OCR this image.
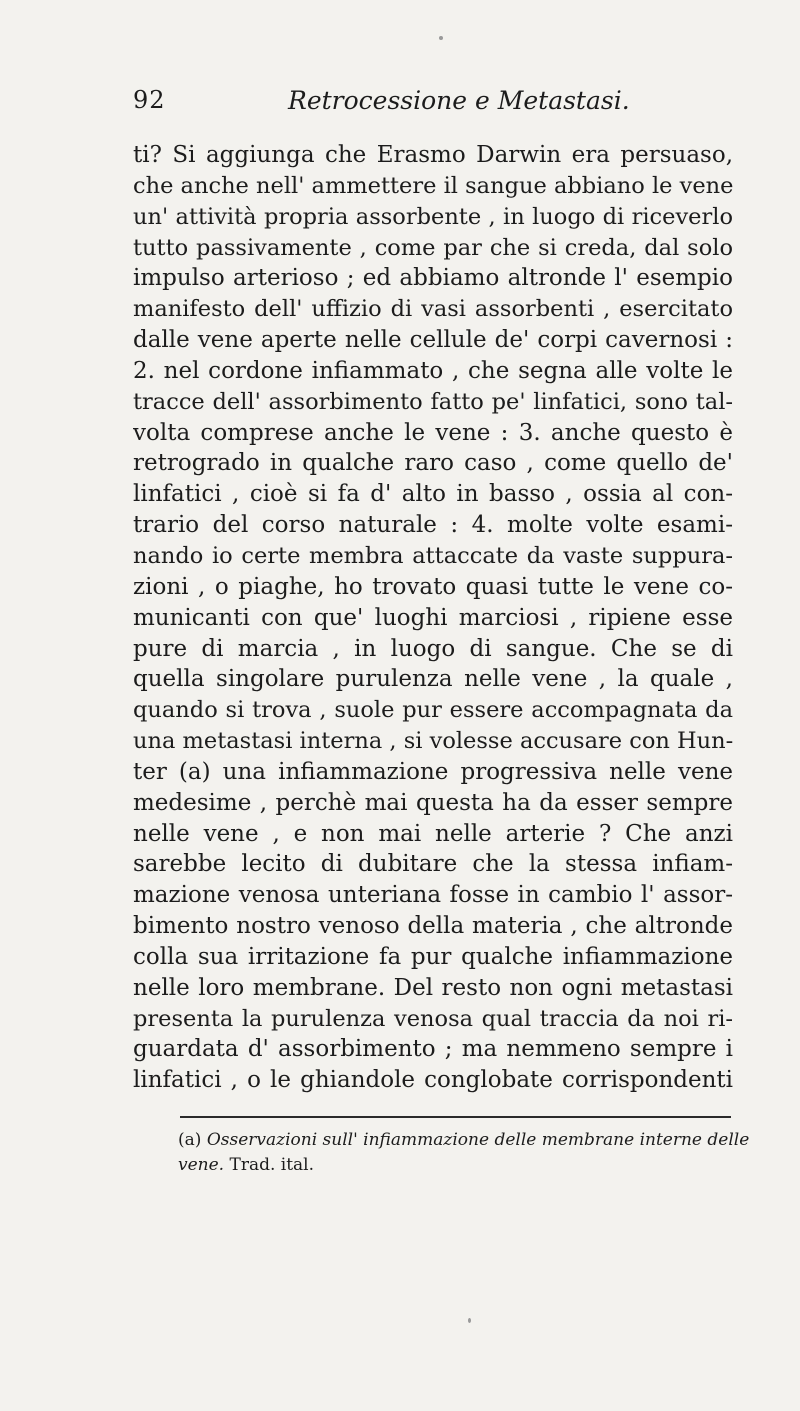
92	Retrocessione e Metastasi.
ti? Si aggiunga che Erasmo Darwin era persuaso,
che anche nell' ammettere il sangue abbiano le vene
un' attività propria assorbente , in luogo di riceverlo
tutto passivamente , come par che si creda, dal solo
impulso arterioso ; ed abbiamo altronde l' esempio
manifesto dell' uffizio di vasi assorbenti , esercitato
dalle vene aperte nelle cellule de' corpi cavernosi :
2. nel cordone infiammato , che segna alle volte le
tracce dell' assorbimento fatto pe' linfatici, sono tal-
volta comprese anche le vene : 3. anche questo è
retrogrado in qualche raro caso , come quello de'
linfatici , cioè si fa d' alto in basso , ossia al con-
trario del corso naturale : 4. molte volte esami-
nando io certe membra attaccate da vaste suppura-
zioni , o piaghe, ho trovato quasi tutte le vene co-
municanti con que' luoghi marciosi , ripiene esse
pure di marcia , in luogo di sangue. Che se di
quella singolare purulenza nelle vene , la quale ,
quando si trova , suole pur essere accompagnata da
una metastasi interna , si volesse accusare con Hun-
ter (a) una infiammazione progressiva nelle vene
medesime , perchè mai questa ha da esser sempre
nelle vene , e non mai nelle arterie ? Che anzi
sarebbe lecito di dubitare che la stessa infiam-
mazione venosa unteriana fosse in cambio l' assor-
bimento nostro venoso della materia , che altronde
colla sua irritazione fa pur qualche infiammazione
nelle loro membrane. Del resto non ogni metastasi
presenta la purulenza venosa qual traccia da noi ri-
guardata d' assorbimento ; ma nemmeno sempre i
linfatici , o le ghiandole conglobate corrispondenti
(a) Osservazioni sull' infiammazione delle membrane interne delle
vene. Trad. ital.
